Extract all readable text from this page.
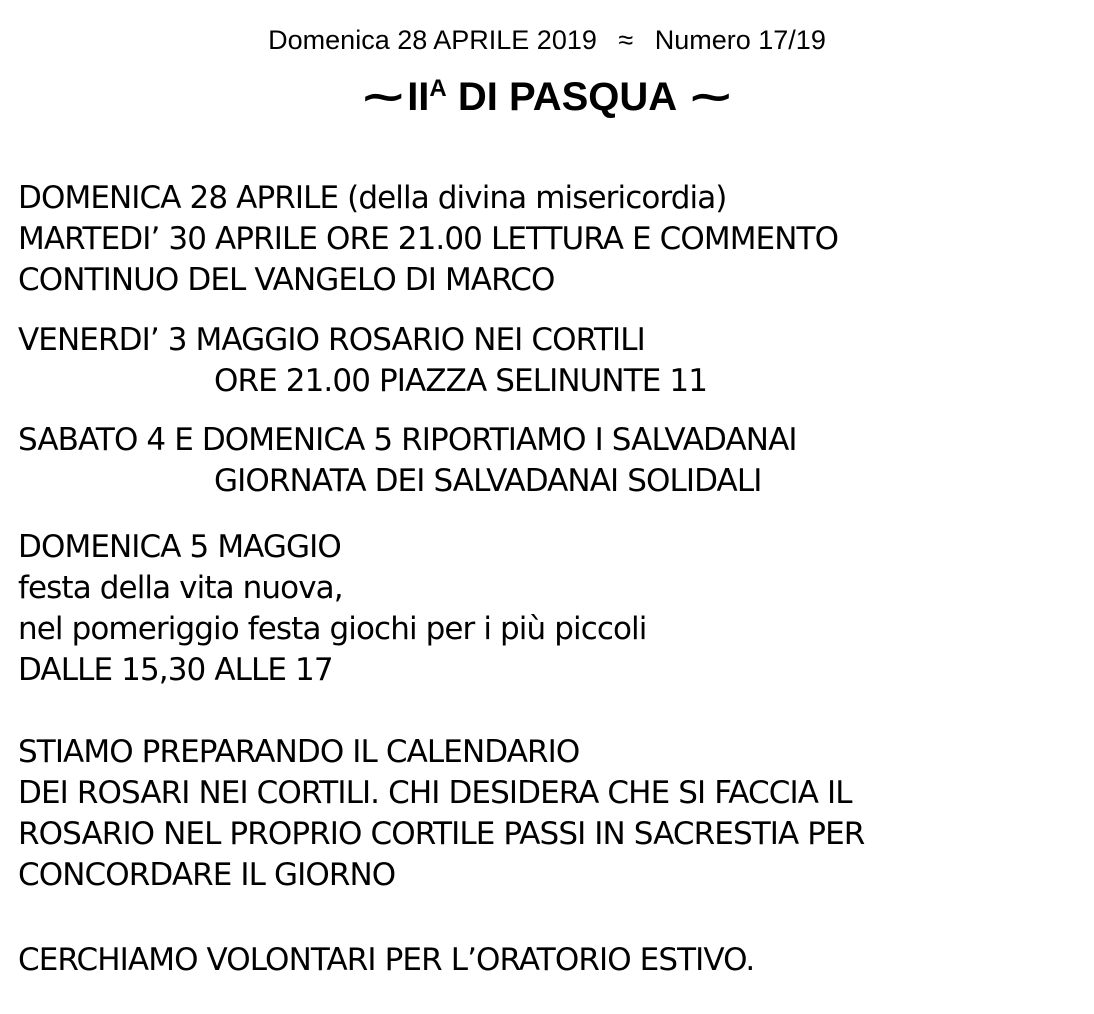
Domenica 28 APRILE 2019 ≈ Numero 17/19
⁓ $II^A$ DI PASQUA ⁓
DOMENICA 28 APRILE (della divina misericordia)
MARTEDI’ 30 APRILE ORE 21.00 LETTURA E COMMENTO
CONTINUO DEL VANGELO DI MARCO
VENERDI’ 3 MAGGIO ROSARIO NEI CORTILI
ORE 21.00 PIAZZA SELINUNTE 11
SABATO 4 E DOMENICA 5 RIPORTIAMO I SALVADANAI
GIORNATA DEI SALVADANAI SOLIDALI
DOMENICA 5 MAGGIO
festa della vita nuova,
nel pomeriggio festa giochi per i più piccoli
DALLE 15,30 ALLE 17
STIAMO PREPARANDO IL CALENDARIO
DEI ROSARI NEI CORTILI. CHI DESIDERA CHE SI FACCIA IL
ROSARIO NEL PROPRIO CORTILE PASSI IN SACRESTIA PER
CONCORDARE IL GIORNO
CERCHIAMO VOLONTARI PER L’ORATORIO ESTIVO.
